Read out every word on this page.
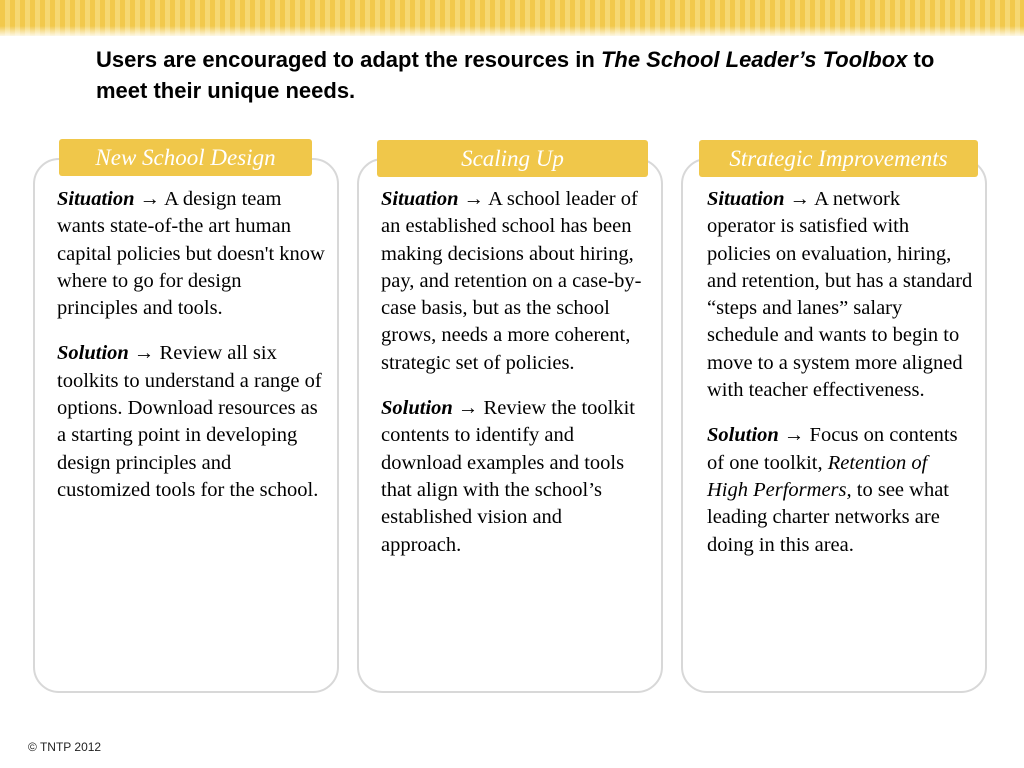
Users are encouraged to adapt the resources in The School Leader’s Toolbox to meet their unique needs.
New School Design

Situation → A design team wants state-of-the art human capital policies but doesn't know where to go for design principles and tools.

Solution → Review all six toolkits to understand a range of options. Download resources as a starting point in developing design principles and customized tools for the school.

Scaling Up

Situation → A school leader of an established school has been making decisions about hiring, pay, and retention on a case-by-case basis, but as the school grows, needs a more coherent, strategic set of policies.

Solution → Review the toolkit contents to identify and download examples and tools that align with the school’s established vision and approach.

Strategic Improvements

Situation → A network operator is satisfied with policies on evaluation, hiring, and retention, but has a standard “steps and lanes” salary schedule and wants to begin to move to a system more aligned with teacher effectiveness.

Solution → Focus on contents of one toolkit, Retention of High Performers, to see what leading charter networks are doing in this area.

© TNTP 2012
